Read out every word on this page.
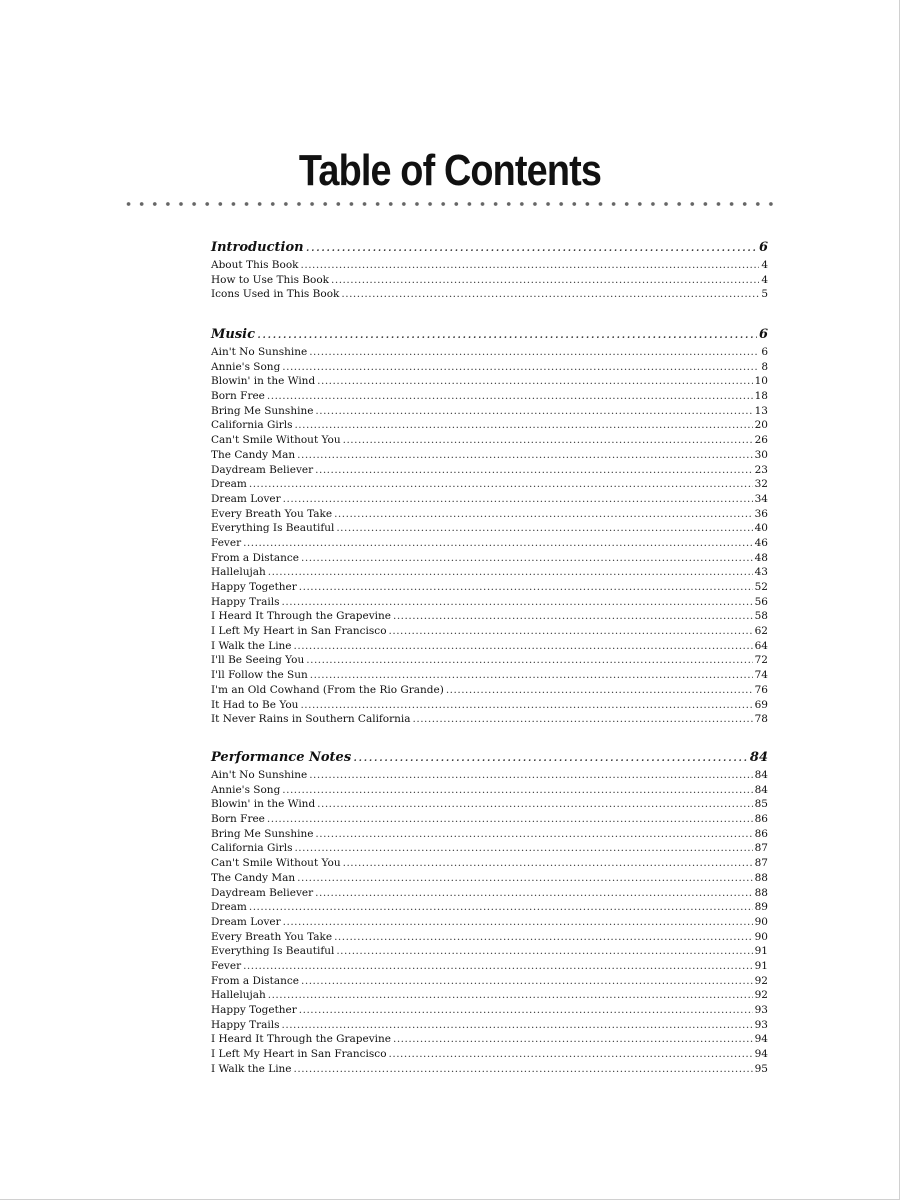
Table of Contents
Introduction .....	6
About This Book .....	4
How to Use This Book .....	4
Icons Used in This Book .....	5
Music .....	6
Ain't No Sunshine .....	6
Annie's Song .....	8
Blowin' in the Wind .....	10
Born Free .....	18
Bring Me Sunshine .....	13
California Girls .....	20
Can't Smile Without You .....	26
The Candy Man .....	30
Daydream Believer .....	23
Dream .....	32
Dream Lover .....	34
Every Breath You Take .....	36
Everything Is Beautiful .....	40
Fever .....	46
From a Distance .....	48
Hallelujah .....	43
Happy Together .....	52
Happy Trails .....	56
I Heard It Through the Grapevine .....	58
I Left My Heart in San Francisco .....	62
I Walk the Line .....	64
I'll Be Seeing You .....	72
I'll Follow the Sun .....	74
I'm an Old Cowhand (From the Rio Grande) .....	76
It Had to Be You .....	69
It Never Rains in Southern California .....	78
Performance Notes .....	84
Ain't No Sunshine .....	84
Annie's Song .....	84
Blowin' in the Wind .....	85
Born Free .....	86
Bring Me Sunshine .....	86
California Girls .....	87
Can't Smile Without You .....	87
The Candy Man .....	88
Daydream Believer .....	88
Dream .....	89
Dream Lover .....	90
Every Breath You Take .....	90
Everything Is Beautiful .....	91
Fever .....	91
From a Distance .....	92
Hallelujah .....	92
Happy Together .....	93
Happy Trails .....	93
I Heard It Through the Grapevine .....	94
I Left My Heart in San Francisco .....	94
I Walk the Line .....	95
